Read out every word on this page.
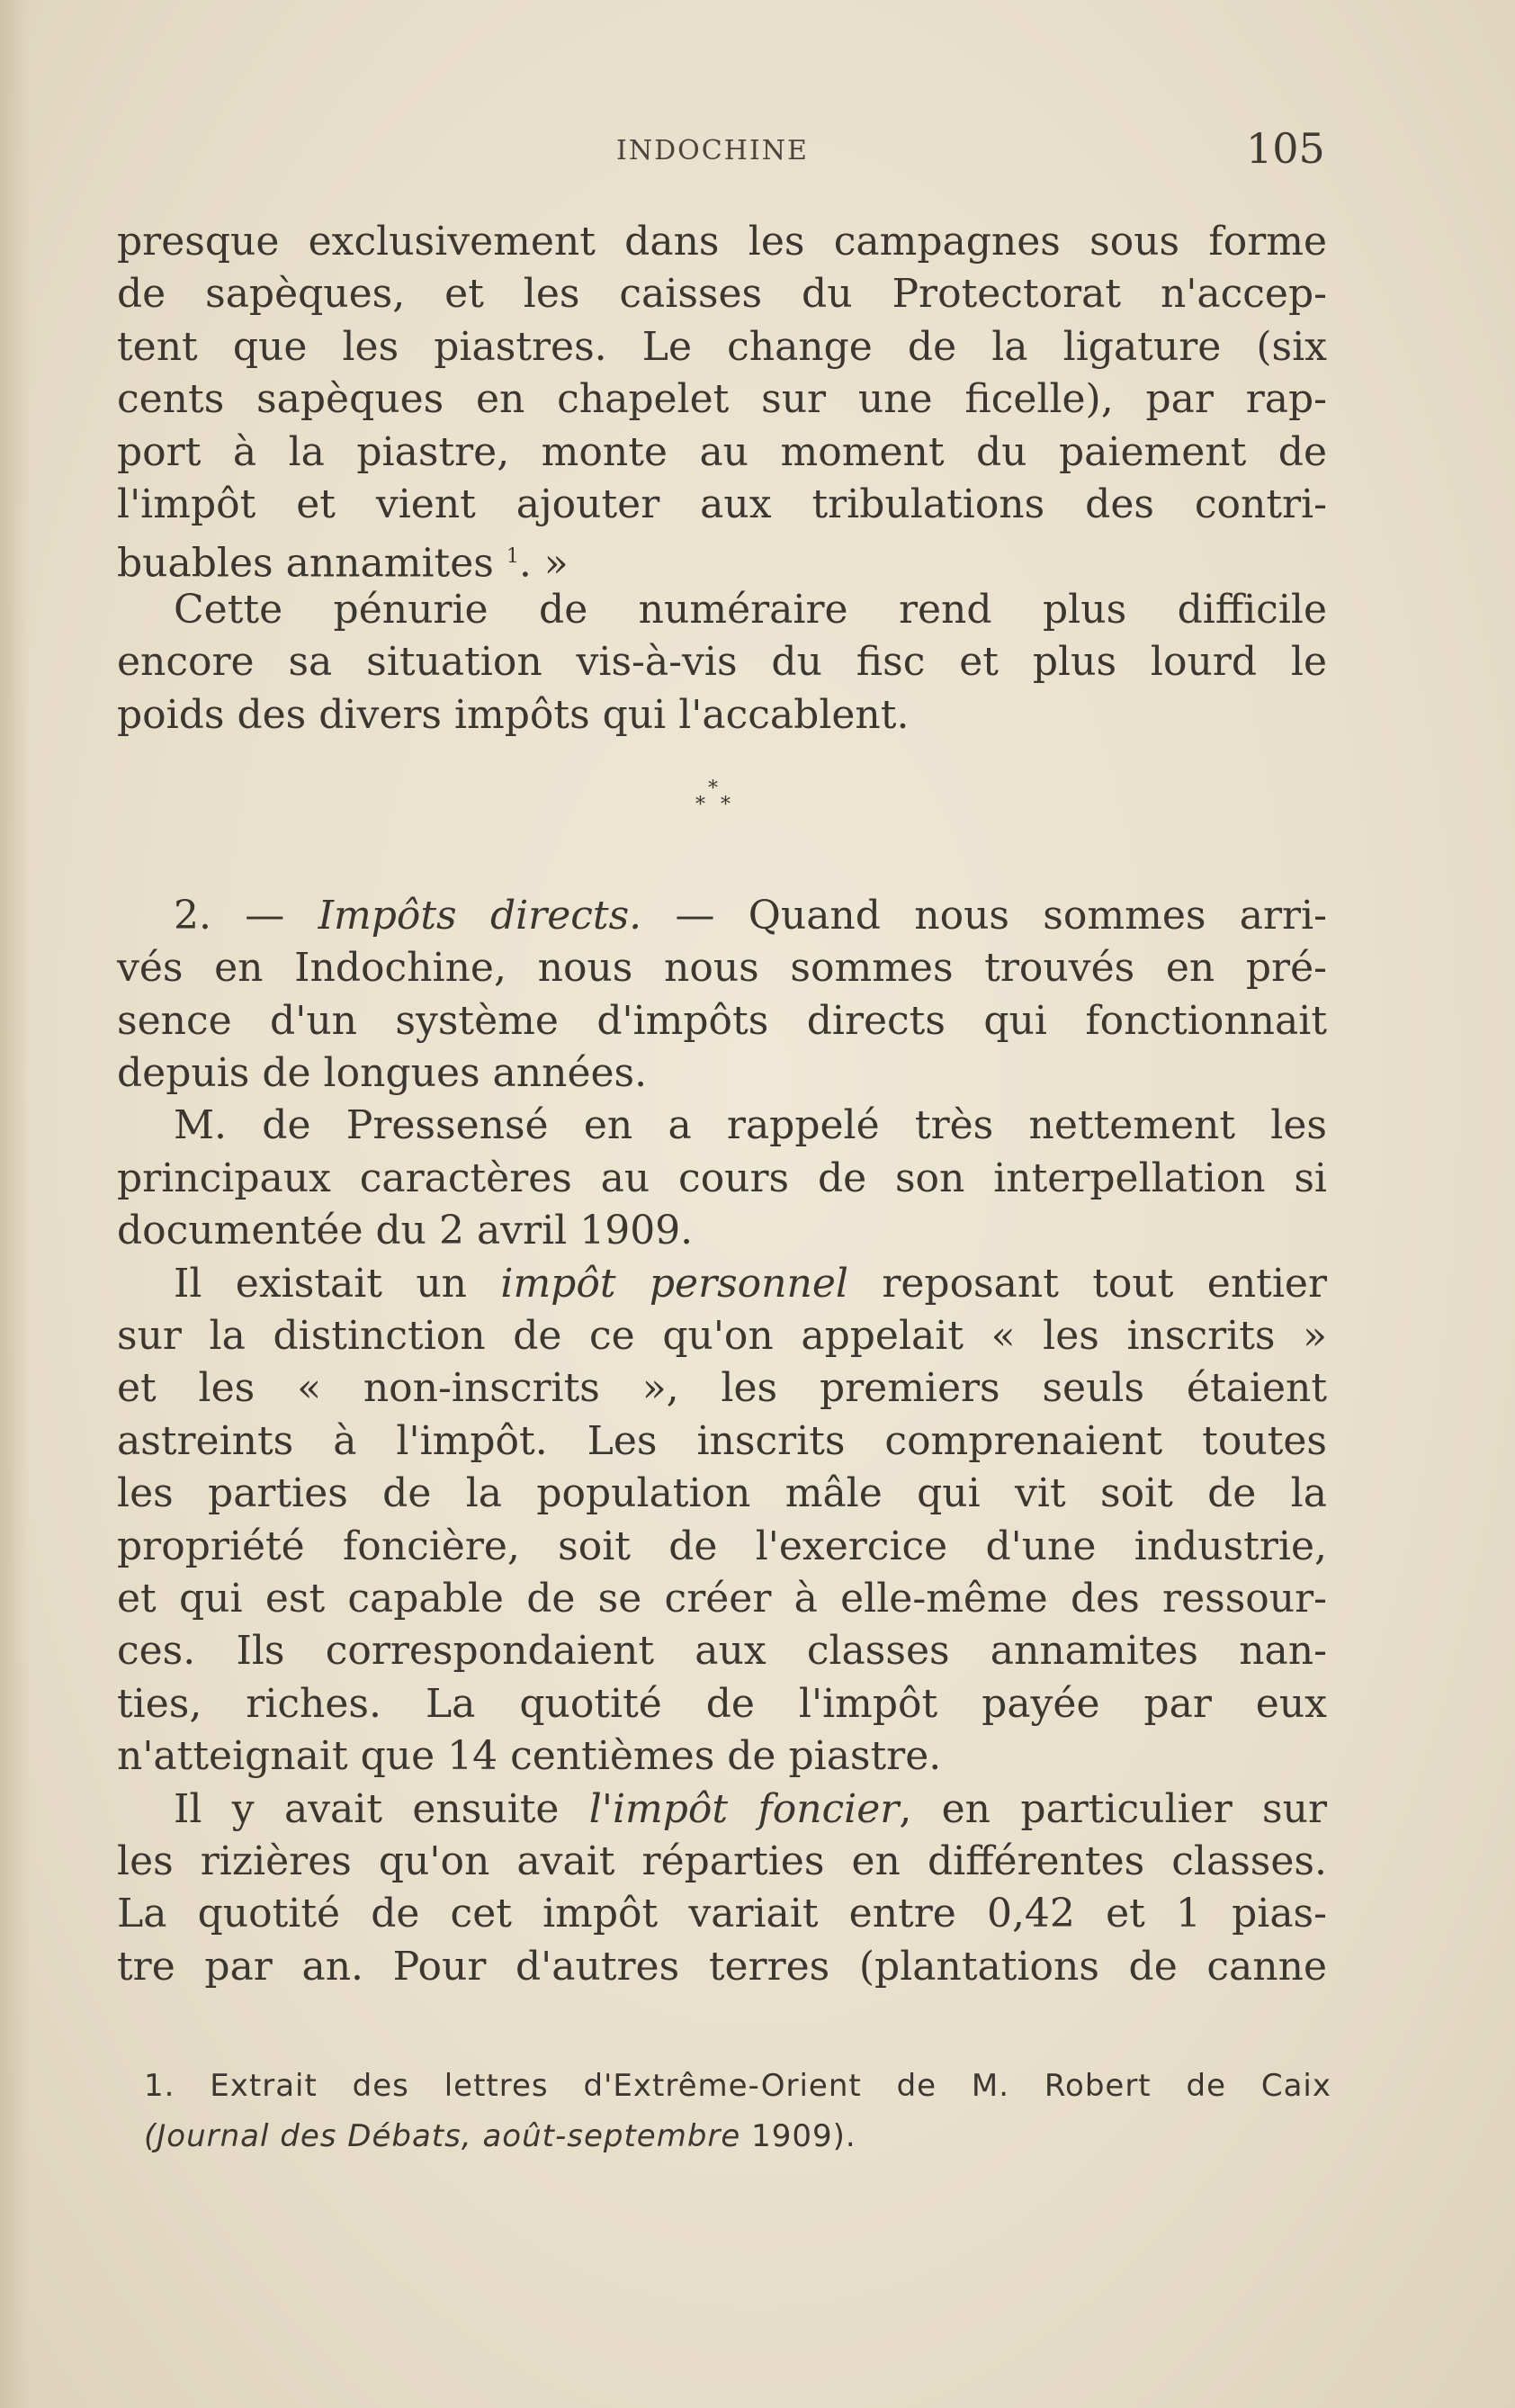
INDOCHINE	105
presque exclusivement dans les campagnes sous forme
de sapèques, et les caisses du Protectorat n'accep-
tent que les piastres. Le change de la ligature (six
cents sapèques en chapelet sur une ficelle), par rap-
port à la piastre, monte au moment du paiement de
l'impôt et vient ajouter aux tribulations des contri-
buables annamites $^1$. »
Cette pénurie de numéraire rend plus difficile
encore sa situation vis-à-vis du fisc et plus lourd le
poids des divers impôts qui l'accablent.
*
* *
2. — Impôts directs. — Quand nous sommes arri-
vés en Indochine, nous nous sommes trouvés en pré-
sence d'un système d'impôts directs qui fonctionnait
depuis de longues années.
M. de Pressensé en a rappelé très nettement les
principaux caractères au cours de son interpellation si
documentée du 2 avril 1909.
Il existait un impôt personnel reposant tout entier
sur la distinction de ce qu'on appelait « les inscrits »
et les « non-inscrits », les premiers seuls étaient
astreints à l'impôt. Les inscrits comprenaient toutes
les parties de la population mâle qui vit soit de la
propriété foncière, soit de l'exercice d'une industrie,
et qui est capable de se créer à elle-même des ressour-
ces. Ils correspondaient aux classes annamites nan-
ties, riches. La quotité de l'impôt payée par eux
n'atteignait que 14 centièmes de piastre.
Il y avait ensuite l'impôt foncier, en particulier sur
les rizières qu'on avait réparties en différentes classes.
La quotité de cet impôt variait entre 0,42 et 1 pias-
tre par an. Pour d'autres terres (plantations de canne
1. Extrait des lettres d'Extrême-Orient de M. Robert de Caix
(Journal des Débats, août-septembre 1909).
